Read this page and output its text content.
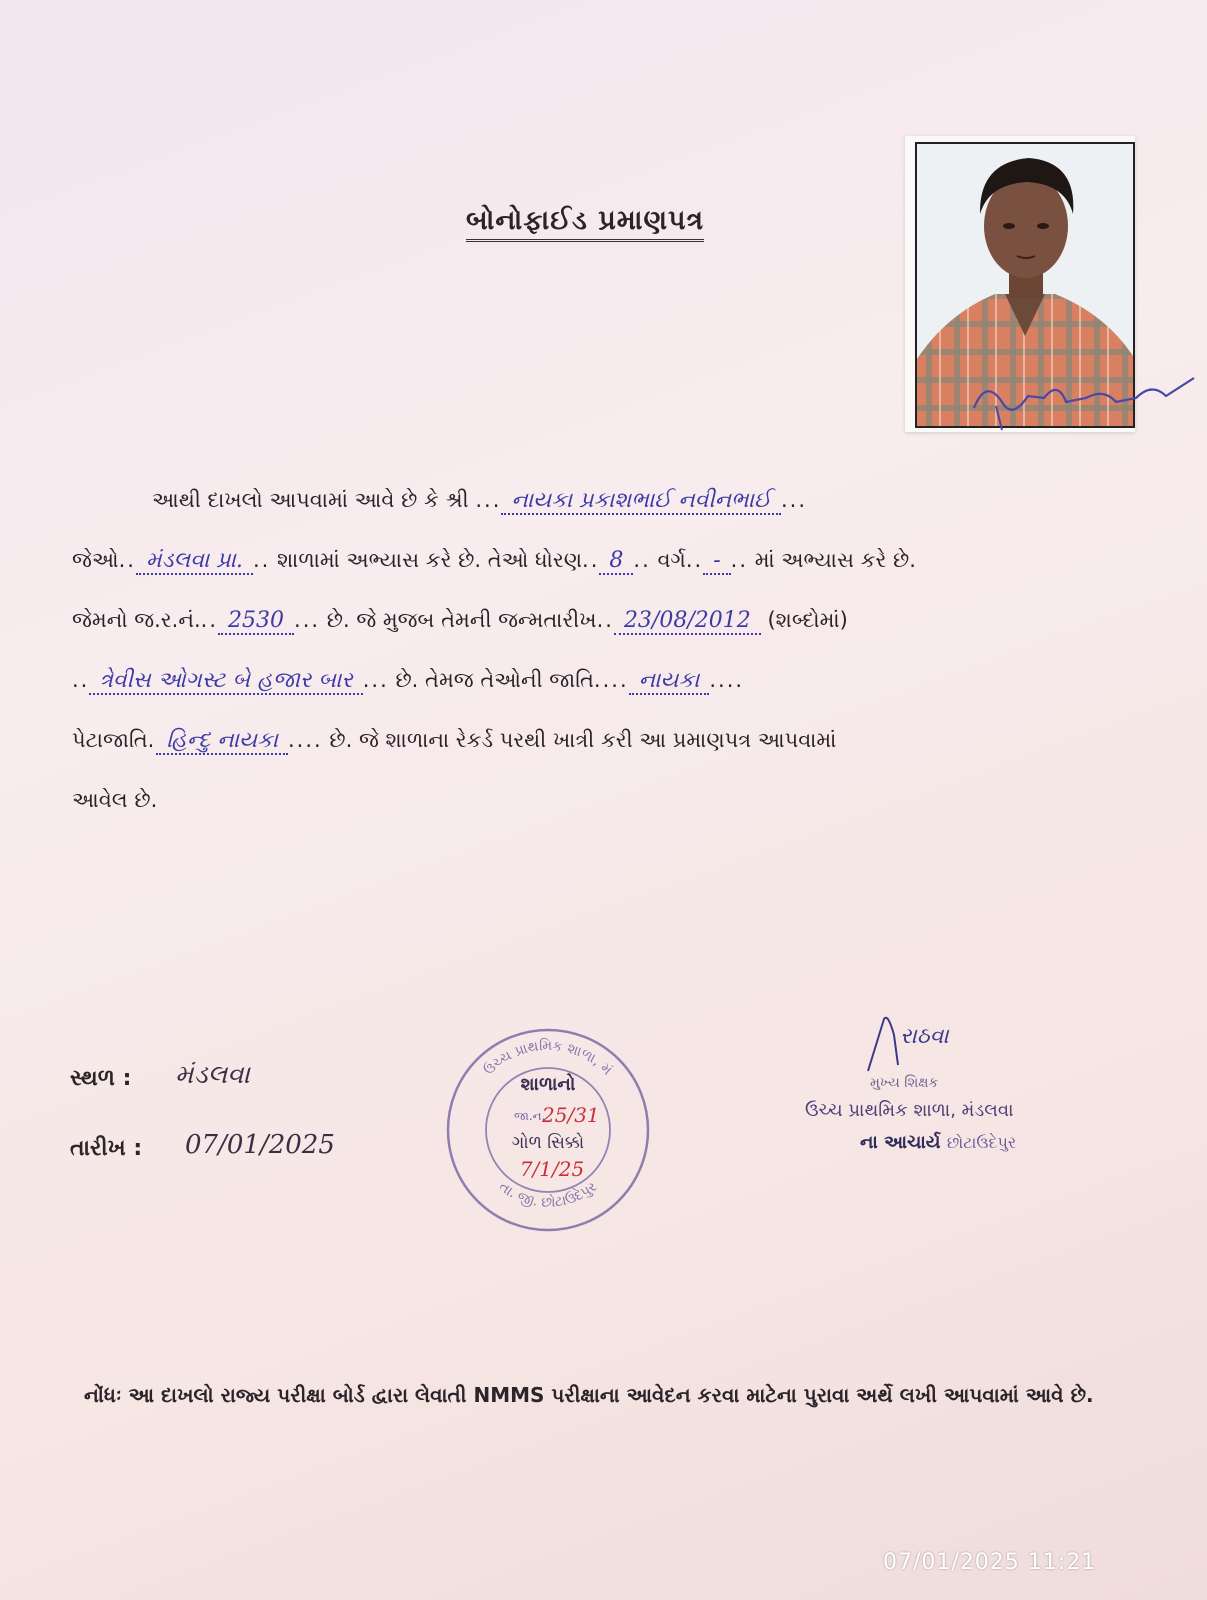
બોનોફાઈડ પ્રમાણપત્ર
આથી દાખલો આપવામાં આવે છે કે શ્રી ... નાયકા પ્રકાશભાઈ નવીનભાઈ ...
જેઓ.. મંડલવા પ્રા. .. શાળામાં અભ્યાસ કરે છે. તેઓ ધોરણ.. 8 .. વર્ગ.. - .. માં અભ્યાસ કરે છે.
જેમનો જ.ર.નં... 2530 ... છે. જે મુજબ તેમની જન્મતારીખ.. 23/08/2012 (શબ્દોમાં)
.. ત્રેવીસ ઓગસ્ટ બે હજાર બાર ... છે. તેમજ તેઓની જાતિ.... નાયકા ....
પેટાજાતિ. હિન્દુ નાયકા .... છે. જે શાળાના રેકર્ડ પરથી ખાત્રી કરી આ પ્રમાણપત્ર આપવામાં
આવેલ છે.
સ્થળ : મંડલવા
તારીખ : 07/01/2025
ઉચ્ચ પ્રાથમિક શાળા, મં
તા. જી. છોટાઉદેપુર
શાળાનો
જા.ન.
25/31
ગોળ સિક્કો
7/1/25
રાઠવા
મુખ્ય શિક્ષક
ઉચ્ચ પ્રાથમિક શાળા, મંડલવા
ના આચાર્ય છોટાઉદેપુર
નોંધઃ આ દાખલો રાજ્ય પરીક્ષા બોર્ડ દ્વારા લેવાતી NMMS પરીક્ષાના આવેદન કરવા માટેના પુરાવા અર્થે લખી આપવામાં આવે છે.
07/01/2025 11:21
